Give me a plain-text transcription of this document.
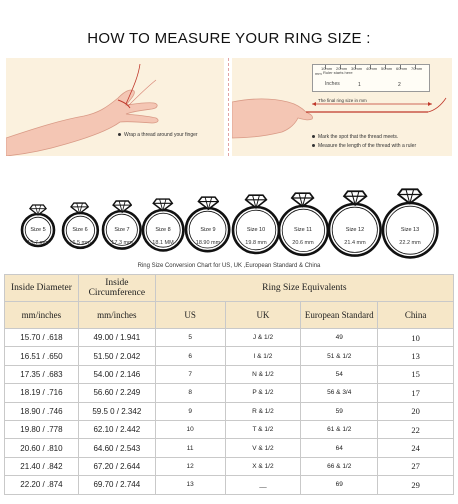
HOW TO MEASURE YOUR RING SIZE :
Wrap a thread around your finger
mm Ruler starts here
Inches
10mm 20mm 30mm 40mm 50mm 60mm 70mm
1	2
The final ring size in mm
Mark the spot that the thread meets.
Measure the length of the thread with a ruler
Size 5
15.7 mm
Size 6
16.5 mm
Size 7
17.3 mm
Size 8
18.1 MM
Size 9
18.90 mm
Size 10
19.8 mm
Size 11
20.6 mm
Size 12
21.4 mm
Size 13
22.2 mm
Ring Size Conversion Chart for US, UK ,European Standard & China
Inside Diameter	Inside Circumference	Ring Size Equivalents			
mm/inches	mm/inches	US	UK	European Standard	China
15.70 / .618	49.00 / 1.941	5	J & 1/2	49	10
16.51 / .650	51.50 / 2.042	6	I & 1/2	51 & 1/2	13
17.35 / .683	54.00 / 2.146	7	N & 1/2	54	15
18.19 / .716	56.60 / 2.249	8	P & 1/2	56 & 3/4	17
18.90 / .746	59.5 0 / 2.342	9	R & 1/2	59	20
19.80 / .778	62.10 / 2.442	10	T & 1/2	61 & 1/2	22
20.60 / .810	64.60 / 2.543	11	V & 1/2	64	24
21.40 / .842	67.20 / 2.644	12	X & 1/2	66 & 1/2	27
22.20 / .874	69.70 / 2.744	13	__	69	29
